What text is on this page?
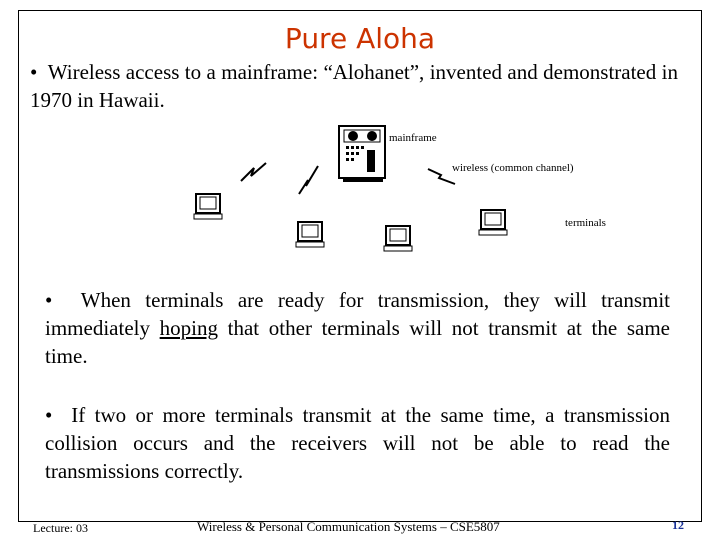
Pure Aloha
•  Wireless access to a mainframe: “Alohanet”, invented and demonstrated in 1970 in Hawaii.
mainframe
wireless (common channel)
terminals
•  When terminals are ready for transmission, they will transmit immediately hoping that other terminals will not transmit at the same time.
•  If two or more terminals transmit at the same time, a transmission collision occurs and the receivers will not be able to read the transmissions correctly.
Lecture: 03	Wireless & Personal Communication Systems – CSE5807	12
